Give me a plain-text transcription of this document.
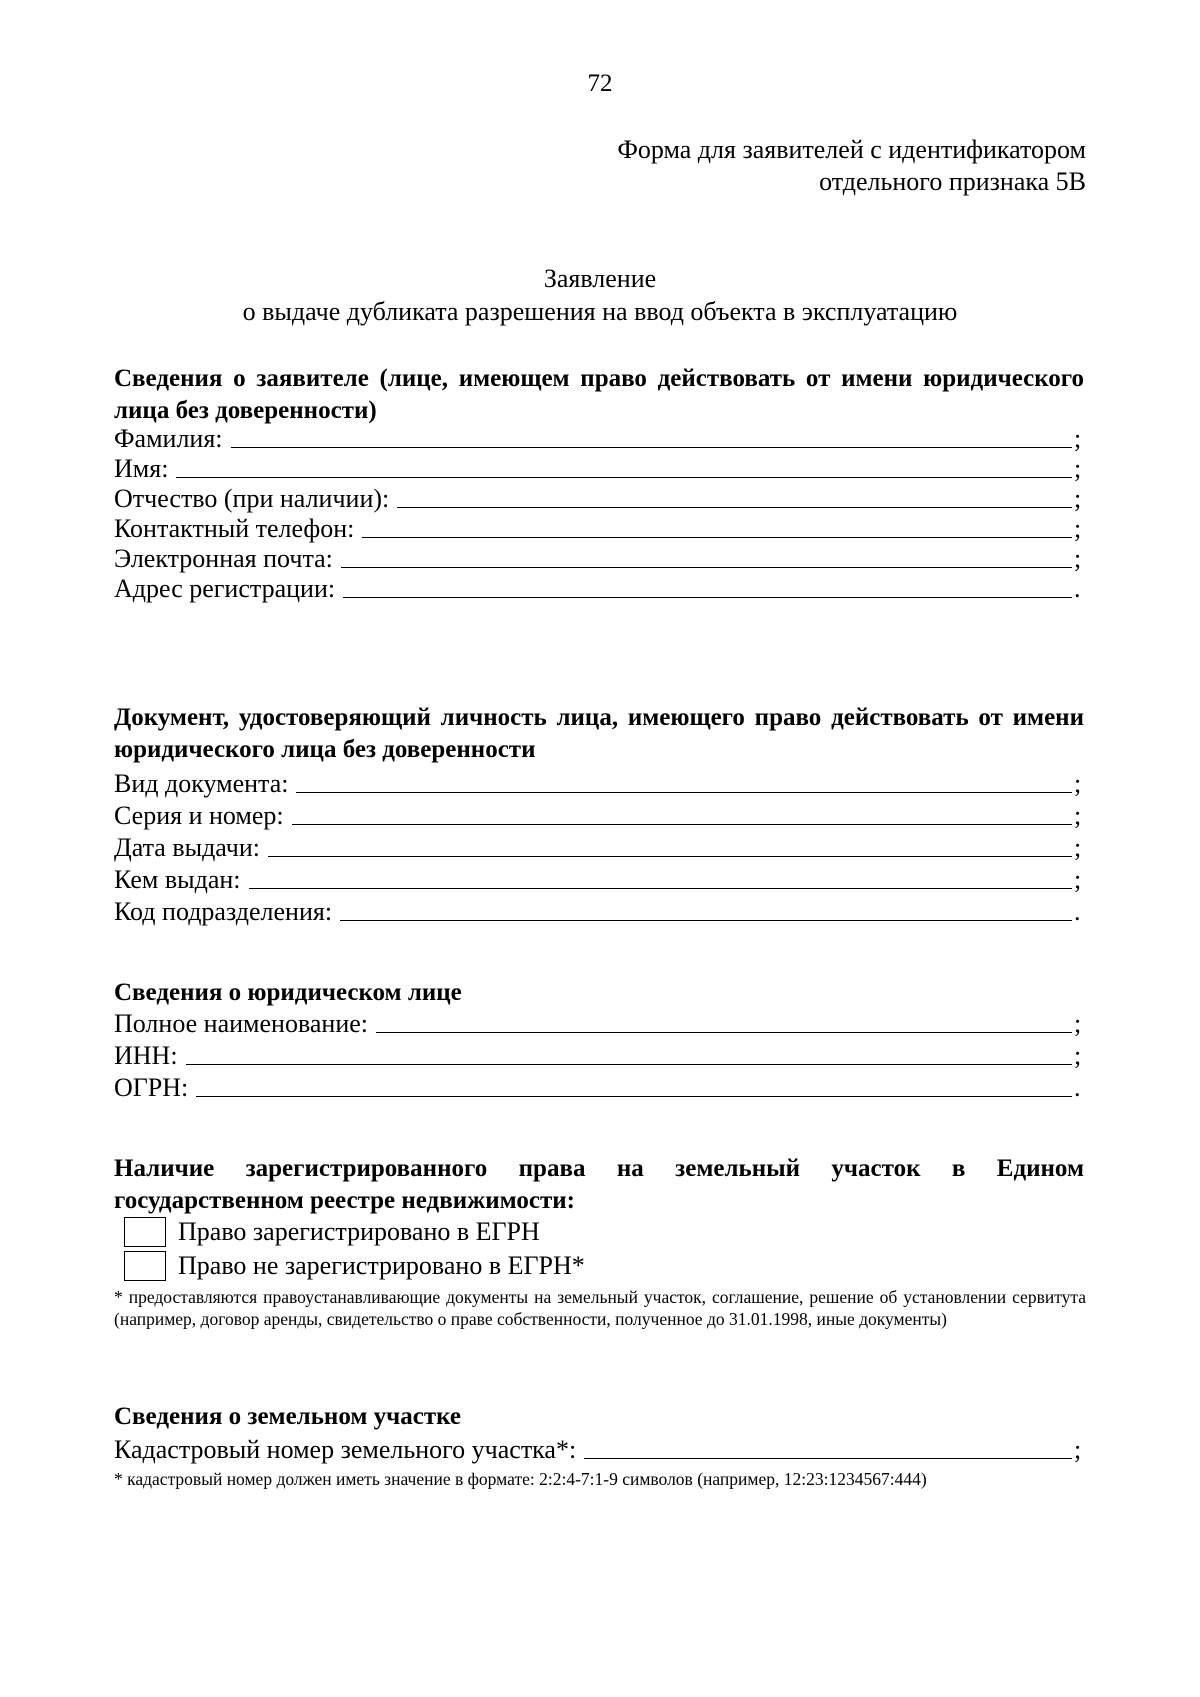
72
Форма для заявителей с идентификатором
отдельного признака 5В
Заявление
о выдаче дубликата разрешения на ввод объекта в эксплуатацию
Сведения о заявителе (лице, имеющем право действовать от имени юридического лица без доверенности)
Фамилия:	;
Имя:	;
Отчество (при наличии):	;
Контактный телефон:	;
Электронная почта:	;
Адрес регистрации:	.
Документ, удостоверяющий личность лица, имеющего право действовать от имени юридического лица без доверенности
Вид документа:	;
Серия и номер:	;
Дата выдачи:	;
Кем выдан:	;
Код подразделения:	.
Сведения о юридическом лице
Полное наименование:	;
ИНН:	;
ОГРН:	.
Наличие зарегистрированного права на земельный участок в Едином государственном реестре недвижимости:
Право зарегистрировано в ЕГРН
Право не зарегистрировано в ЕГРН*
* предоставляются правоустанавливающие документы на земельный участок, соглашение, решение об установлении сервитута (например, договор аренды, свидетельство о праве собственности, полученное до 31.01.1998, иные документы)
Сведения о земельном участке
Кадастровый номер земельного участка*:	;
* кадастровый номер должен иметь значение в формате: 2:2:4-7:1-9 символов (например, 12:23:1234567:444)
